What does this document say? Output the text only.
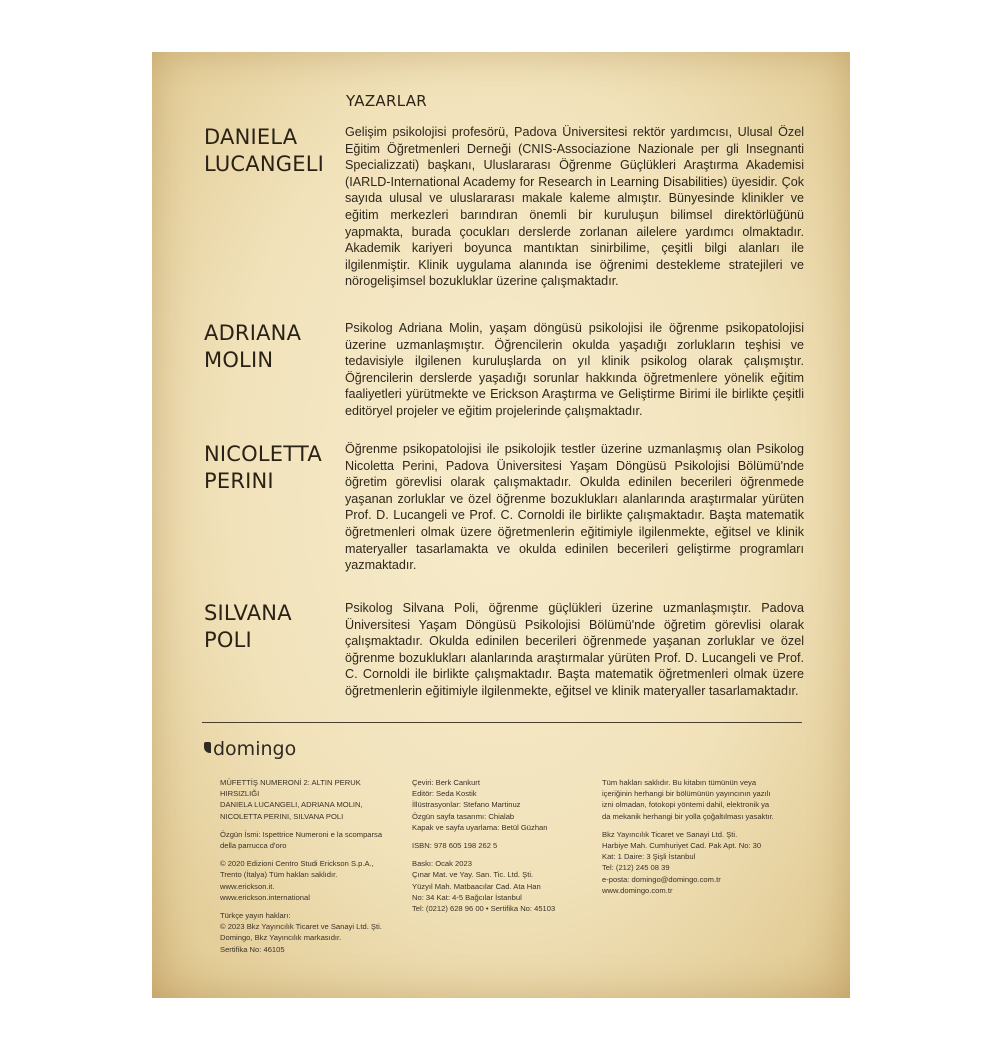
YAZARLAR
DANIELA
LUCANGELI
Gelişim psikolojisi profesörü, Padova Üniversitesi rektör yardımcısı, Ulusal Özel Eğitim Öğretmenleri Derneği (CNIS-Associazione Nazionale per gli Insegnanti Specializzati) başkanı, Uluslararası Öğrenme Güçlükleri Araştırma Akademisi (IARLD-International Academy for Research in Learning Disabilities) üyesidir. Çok sayıda ulusal ve uluslararası makale kaleme almıştır. Bünyesinde klinikler ve eğitim merkezleri barındıran önemli bir kuruluşun bilimsel direktörlüğünü yapmakta, burada çocukları derslerde zorlanan ailelere yardımcı olmaktadır. Akademik kariyeri boyunca mantıktan sinirbilime, çeşitli bilgi alanları ile ilgilenmiştir. Klinik uygulama alanında ise öğrenimi destekleme stratejileri ve nörogelişimsel bozukluklar üzerine çalışmaktadır.
ADRIANA
MOLIN
Psikolog Adriana Molin, yaşam döngüsü psikolojisi ile öğrenme psikopatolojisi üzerine uzmanlaşmıştır. Öğrencilerin okulda yaşadığı zorlukların teşhisi ve tedavisiyle ilgilenen kuruluşlarda on yıl klinik psikolog olarak çalışmıştır. Öğrencilerin derslerde yaşadığı sorunlar hakkında öğretmenlere yönelik eğitim faaliyetleri yürütmekte ve Erickson Araştırma ve Geliştirme Birimi ile birlikte çeşitli editöryel projeler ve eğitim projelerinde çalışmaktadır.
NICOLETTA
PERINI
Öğrenme psikopatolojisi ile psikolojik testler üzerine uzmanlaşmış olan Psikolog Nicoletta Perini, Padova Üniversitesi Yaşam Döngüsü Psikolojisi Bölümü'nde öğretim görevlisi olarak çalışmaktadır. Okulda edinilen becerileri öğrenmede yaşanan zorluklar ve özel öğrenme bozuklukları alanlarında araştırmalar yürüten Prof. D. Lucangeli ve Prof. C. Cornoldi ile birlikte çalışmaktadır. Başta matematik öğretmenleri olmak üzere öğretmenlerin eğitimiyle ilgilenmekte, eğitsel ve klinik materyaller tasarlamakta ve okulda edinilen becerileri geliştirme programları yazmaktadır.
SILVANA
POLI
Psikolog Silvana Poli, öğrenme güçlükleri üzerine uzmanlaşmıştır. Padova Üniversitesi Yaşam Döngüsü Psikolojisi Bölümü'nde öğretim görevlisi olarak çalışmaktadır. Okulda edinilen becerileri öğrenmede yaşanan zorluklar ve özel öğrenme bozuklukları alanlarında araştırmalar yürüten Prof. D. Lucangeli ve Prof. C. Cornoldi ile birlikte çalışmaktadır. Başta matematik öğretmenleri olmak üzere öğretmenlerin eğitimiyle ilgilenmekte, eğitsel ve klinik materyaller tasarlamaktadır.
domingo

MÜFETTİŞ NUMERONİ 2: ALTIN PERUK HIRSIZLIĞI
DANIELA LUCANGELI, ADRIANA MOLIN,
NICOLETTA PERINI, SILVANA POLI

Özgün İsmi: Ispettrice Numeroni e la scomparsa
della parrucca d'oro

© 2020 Edizioni Centro Studi Erickson S.p.A.,
Trento (İtalya) Tüm hakları saklıdır.
www.erickson.it.
www.erickson.international

Türkçe yayın hakları:
© 2023 Bkz Yayıncılık Ticaret ve Sanayi Ltd. Şti.
Domingo, Bkz Yayıncılık markasıdır.
Sertifika No: 46105

Çeviri: Berk Cankurt
Editör: Seda Kostik
İllüstrasyonlar: Stefano Martinuz
Özgün sayfa tasarımı: Chialab
Kapak ve sayfa uyarlama: Betül Güzhan

ISBN: 978 605 198 262 5

Baskı: Ocak 2023
Çınar Mat. ve Yay. San. Tic. Ltd. Şti.
Yüzyıl Mah. Matbaacılar Cad. Ata Han
No: 34 Kat: 4-5 Bağcılar İstanbul
Tel: (0212) 628 96 00 • Sertifika No: 45103

Tüm hakları saklıdır. Bu kitabın tümünün veya
içeriğinin herhangi bir bölümünün yayıncının yazılı
izni olmadan, fotokopi yöntemi dahil, elektronik ya
da mekanik herhangi bir yolla çoğaltılması yasaktır.

Bkz Yayıncılık Ticaret ve Sanayi Ltd. Şti.
Harbiye Mah. Cumhuriyet Cad. Pak Apt. No: 30
Kat: 1 Daire: 3 Şişli İstanbul
Tel: (212) 245 08 39
e-posta: domingo@domingo.com.tr
www.domingo.com.tr
